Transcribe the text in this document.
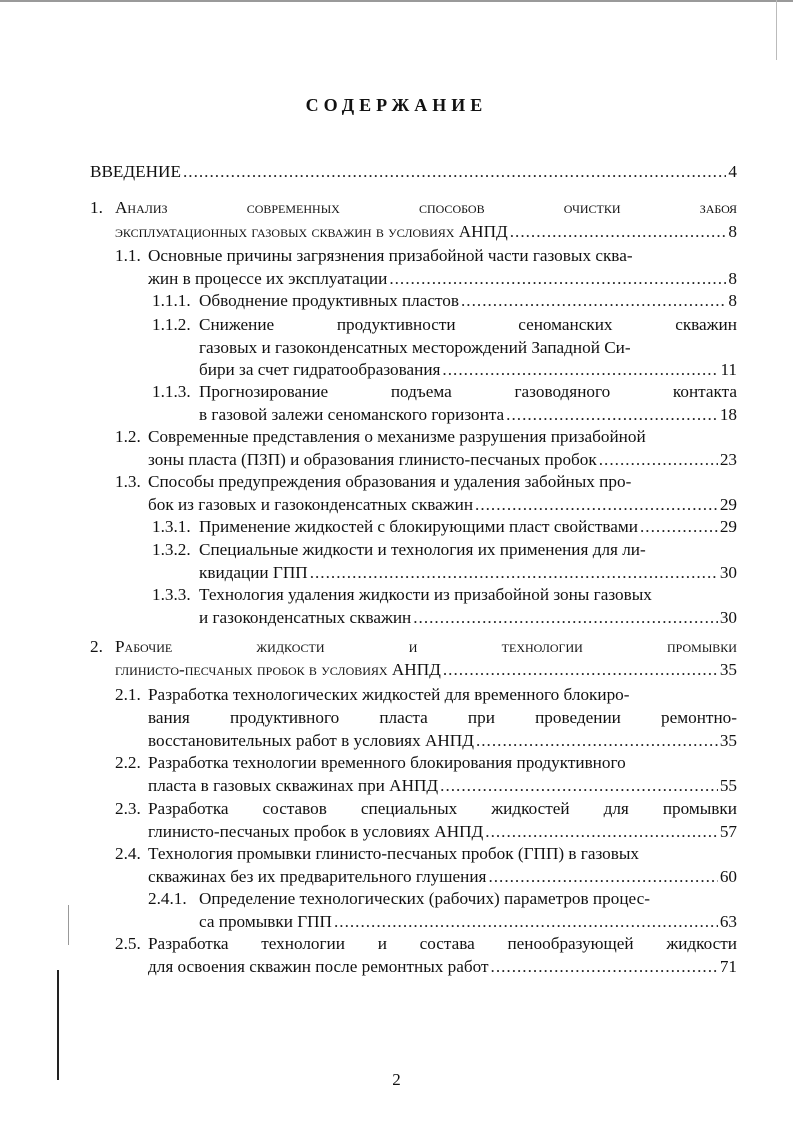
СОДЕРЖАНИЕ
ВВЕДЕНИЕ .....	4
1. Анализ	современных	способов	очистки	забоя
эксплуатационных газовых скважин в условиях АНПД .....	8
1.1. Основные причины загрязнения призабойной части газовых сква-
жин в процессе их эксплуатации .....	8
1.1.1. Обводнение продуктивных пластов .....	8
1.1.2. Снижение	продуктивности	сеноманских	скважин
газовых и газоконденсатных месторождений Западной Си-
бири за счет гидратообразования .....	11
1.1.3. Прогнозирование	подъема	газоводяного	контакта
в газовой залежи сеноманского горизонта .....	18
1.2. Современные представления о механизме разрушения призабойной
зоны пласта (ПЗП) и образования глинисто-песчаных пробок .....	23
1.3. Способы предупреждения образования и удаления забойных про-
бок из газовых и газоконденсатных скважин .....	29
1.3.1. Применение жидкостей с блокирующими пласт свойствами .....	29
1.3.2. Специальные жидкости и технология их применения для ли-
квидации ГПП .....	30
1.3.3. Технология удаления жидкости из призабойной зоны газовых
и газоконденсатных скважин .....	30
2. Рабочие	жидкости	и	технологии	промывки
глинисто-песчаных пробок в условиях АНПД .....	35
2.1. Разработка технологических жидкостей для временного блокиро-
вания продуктивного пласта при проведении ремонтно-
восстановительных работ в условиях АНПД .....	35
2.2. Разработка технологии временного блокирования продуктивного
пласта в газовых скважинах при АНПД .....	55
2.3. Разработка составов специальных жидкостей для промывки
глинисто-песчаных пробок в условиях АНПД .....	57
2.4. Технология промывки глинисто-песчаных пробок (ГПП) в газовых
скважинах без их предварительного глушения .....	60
2.4.1. Определение технологических (рабочих) параметров процес-
са промывки ГПП .....	63
2.5. Разработка технологии и состава пенообразующей жидкости
для освоения скважин после ремонтных работ .....	71
2
